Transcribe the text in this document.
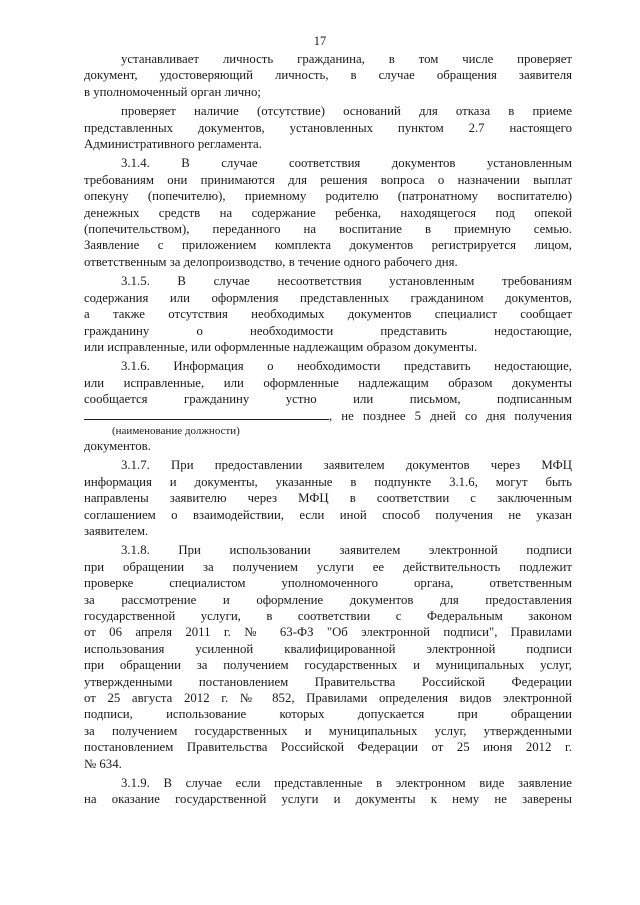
17
устанавливает личность гражданина, в том числе проверяет
документ, удостоверяющий личность, в случае обращения заявителя
в уполномоченный орган лично;
проверяет наличие (отсутствие) оснований для отказа в приеме
представленных документов, установленных пунктом 2.7 настоящего
Административного регламента.
3.1.4. В случае соответствия документов установленным
требованиям они принимаются для решения вопроса о назначении выплат
опекуну (попечителю), приемному родителю (патронатному воспитателю)
денежных средств на содержание ребенка, находящегося под опекой
(попечительством), переданного на воспитание в приемную семью.
Заявление с приложением комплекта документов регистрируется лицом,
ответственным за делопроизводство, в течение одного рабочего дня.
3.1.5. В случае несоответствия установленным требованиям
содержания или оформления представленных гражданином документов,
а также отсутствия необходимых документов специалист сообщает
гражданину о необходимости представить недостающие,
или исправленные, или оформленные надлежащим образом документы.
3.1.6. Информация о необходимости представить недостающие,
или исправленные, или оформленные надлежащим образом документы
сообщается гражданину устно или письмом, подписанным
, не позднее 5 дней со дня получения
(наименование должности)
документов.
3.1.7. При предоставлении заявителем документов через МФЦ
информация и документы, указанные в подпункте 3.1.6, могут быть
направлены заявителю через МФЦ в соответствии с заключенным
соглашением о взаимодействии, если иной способ получения не указан
заявителем.
3.1.8. При использовании заявителем электронной подписи
при обращении за получением услуги ее действительность подлежит
проверке специалистом уполномоченного органа, ответственным
за рассмотрение и оформление документов для предоставления
государственной услуги, в соответствии с Федеральным законом
от 06 апреля 2011 г. № 63-ФЗ "Об электронной подписи", Правилами
использования усиленной квалифицированной электронной подписи
при обращении за получением государственных и муниципальных услуг,
утвержденными постановлением Правительства Российской Федерации
от 25 августа 2012 г. № 852, Правилами определения видов электронной
подписи, использование которых допускается при обращении
за получением государственных и муниципальных услуг, утвержденными
постановлением Правительства Российской Федерации от 25 июня 2012 г.
№ 634.
3.1.9. В случае если представленные в электронном виде заявление
на оказание государственной услуги и документы к нему не заверены
